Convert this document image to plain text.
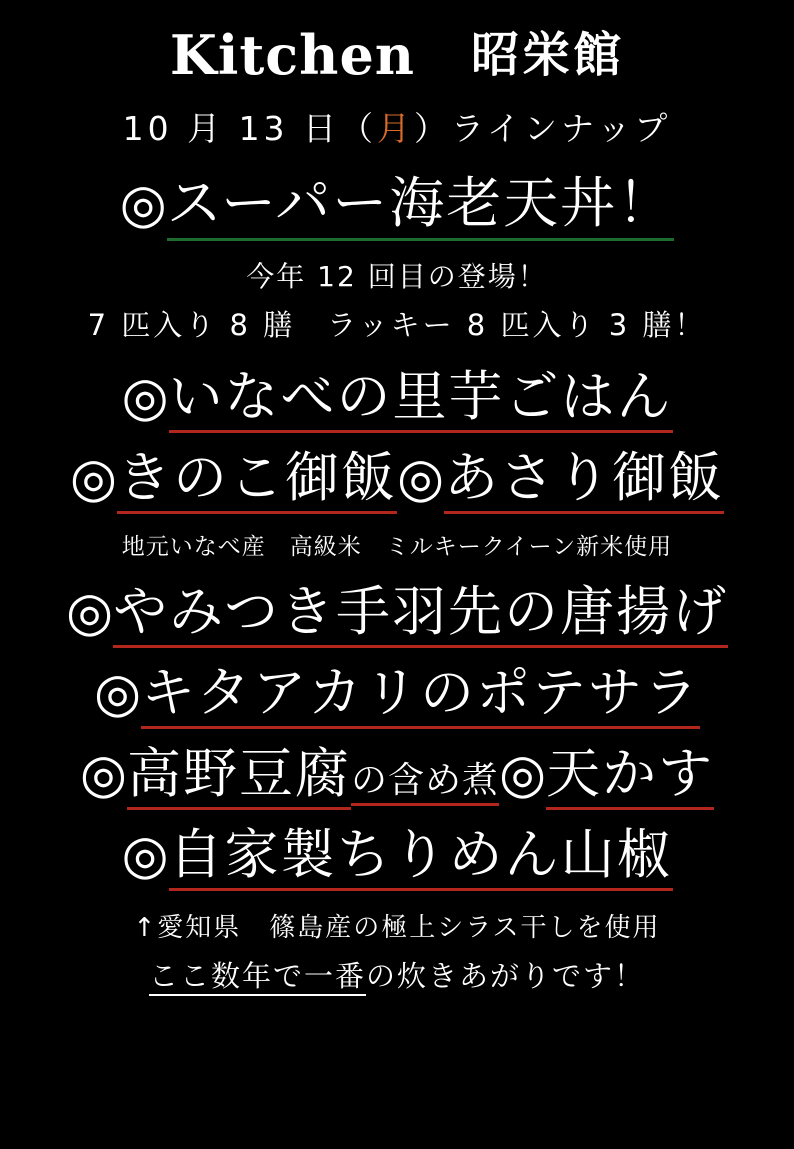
Kitchen 昭栄館
10 月 13 日（ 月 ）ラインナップ
◎ スーパー海老天丼！
今年 12 回目の登場！
7 匹入り 8 膳　ラッキー 8 匹入り 3 膳！
◎ いなべの里芋ごはん
◎ きのこ御飯 ◎ あさり御飯
地元いなべ産　高級米　ミルキークイーン新米使用
◎ やみつき手羽先の唐揚げ
◎ キタアカリのポテサラ
◎ 高野豆腐 の含め煮 ◎ 天かす
◎ 自家製ちりめん山椒
↑愛知県　篠島産の極上シラス干しを使用
ここ数年で一番の炊きあがりです！
